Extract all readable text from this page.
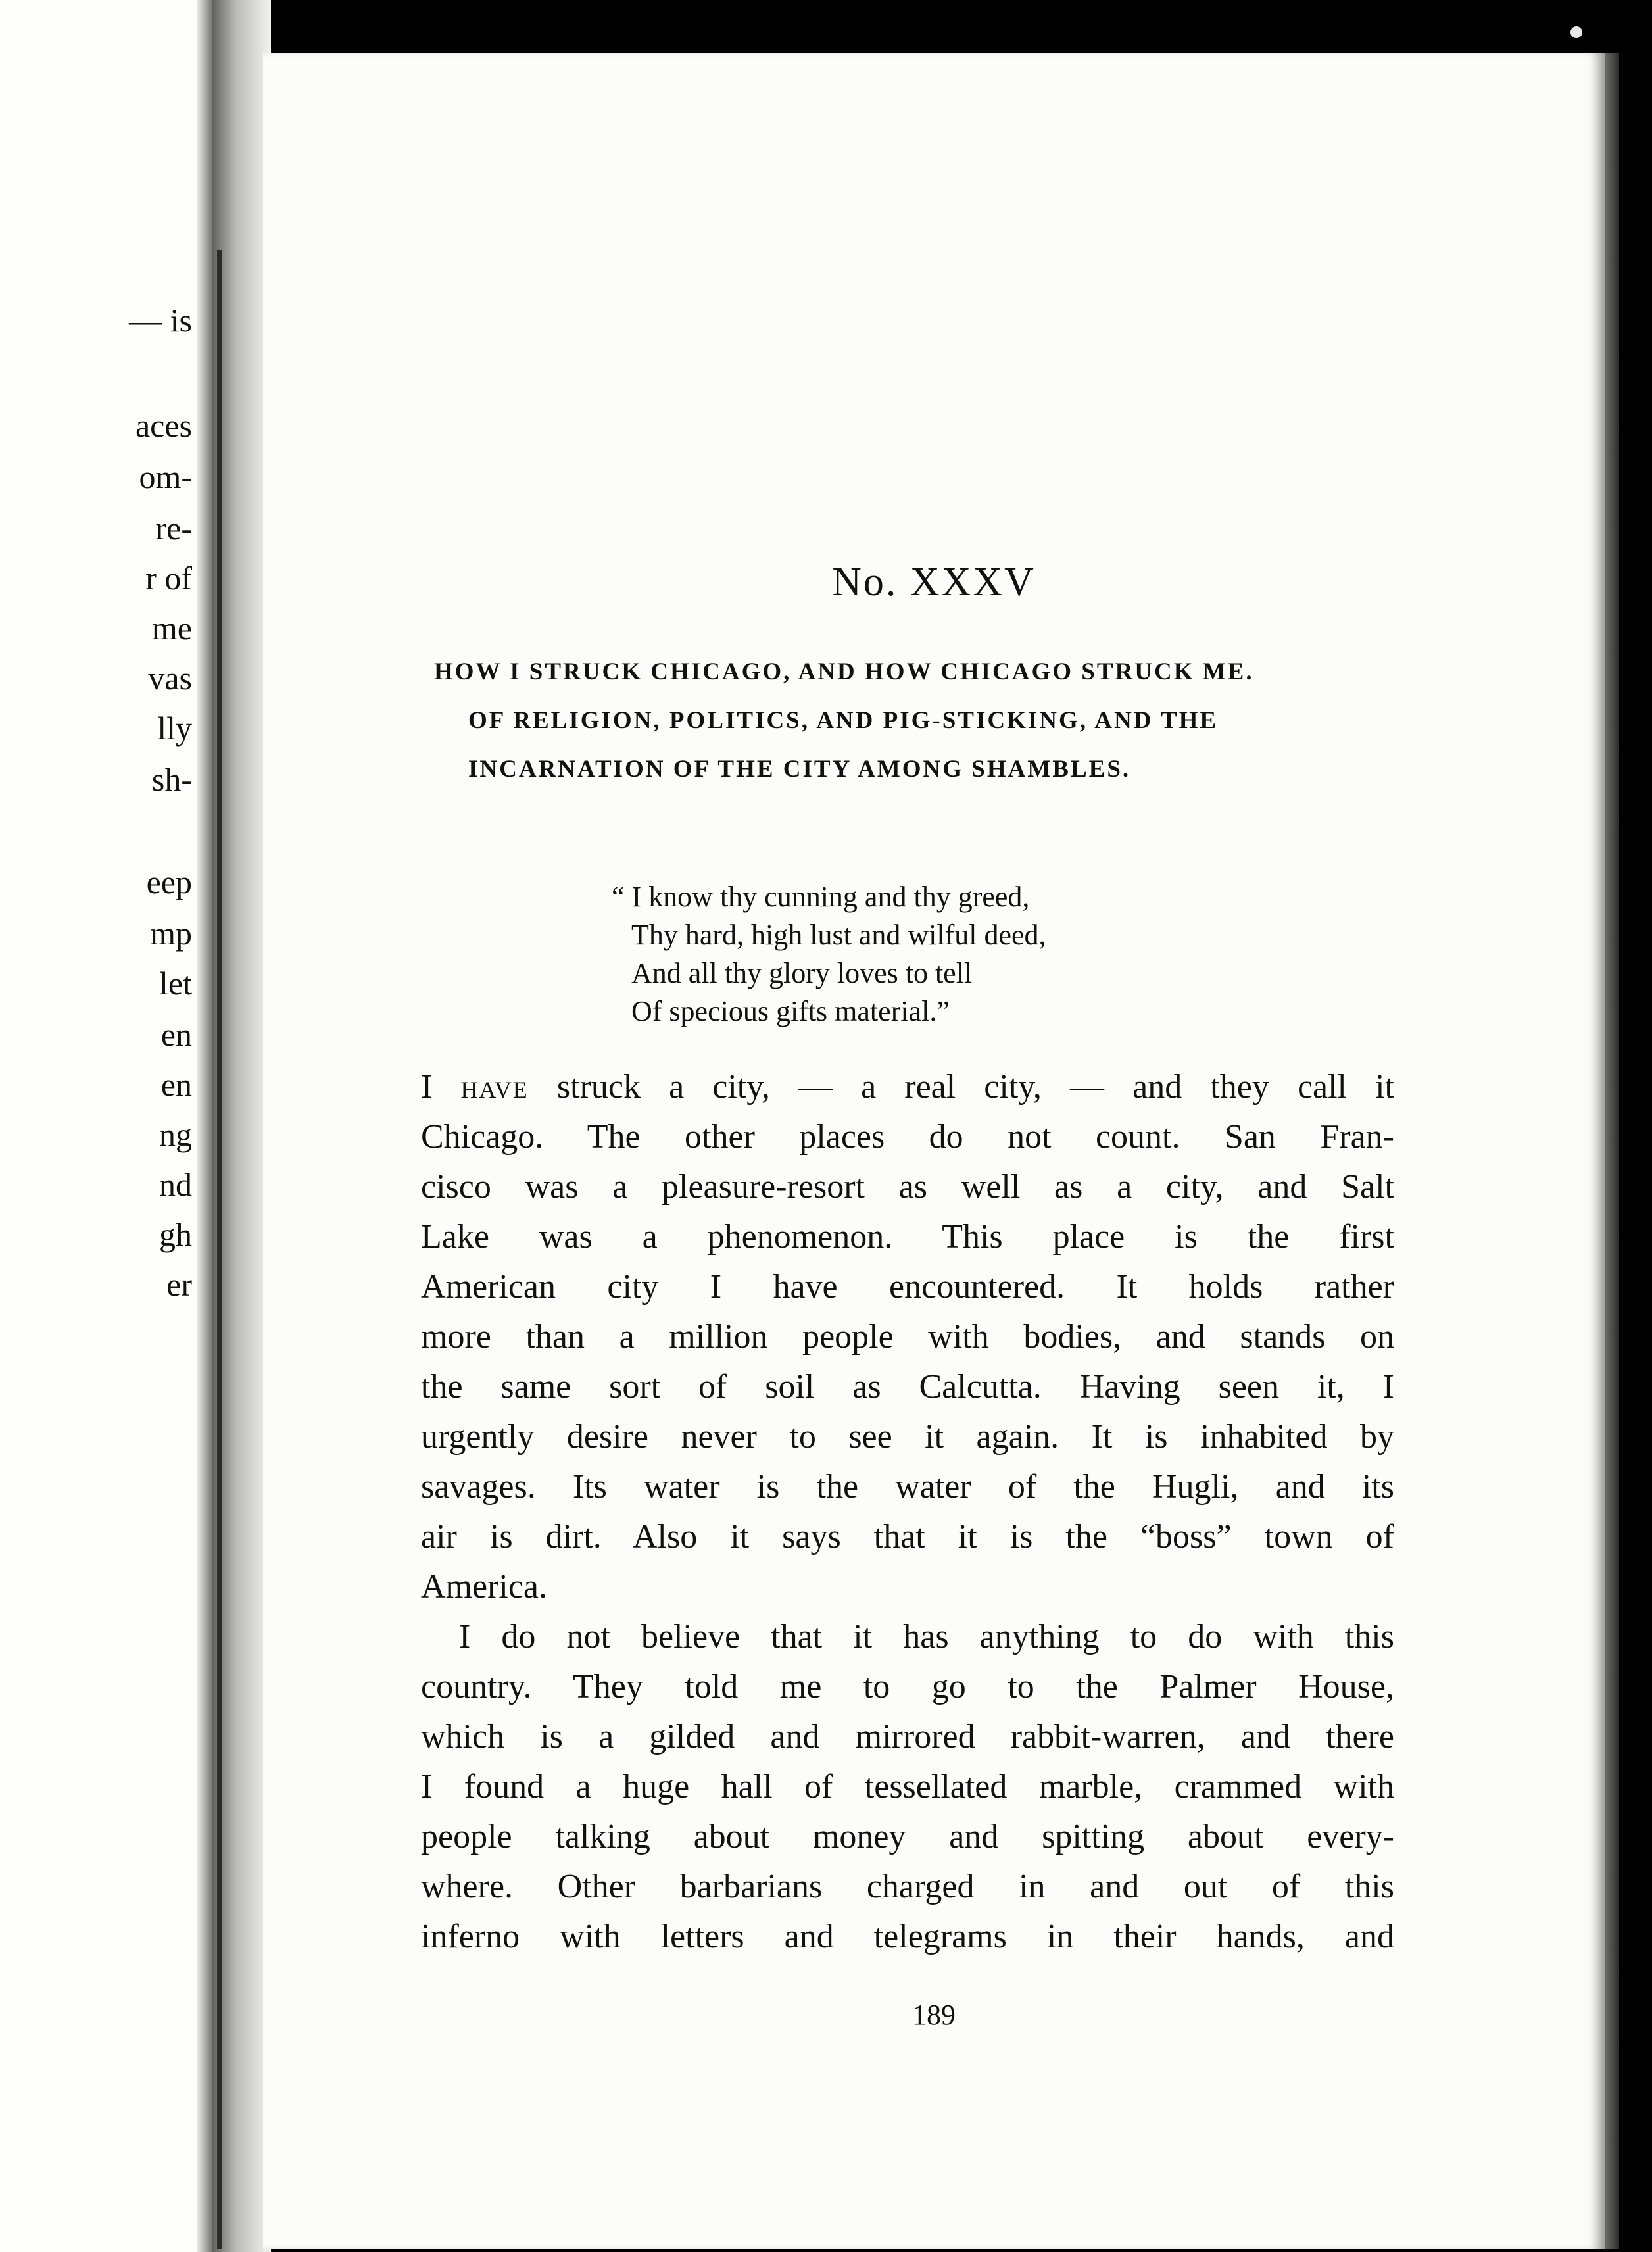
— is
aces
om-
re-
r of
me
vas
lly
sh-
eep
mp
let
en
en
ng
nd
gh
er
No. XXXV
HOW I STRUCK CHICAGO, AND HOW CHICAGO STRUCK ME.
OF RELIGION, POLITICS, AND PIG-STICKING, AND THE
INCARNATION OF THE CITY AMONG SHAMBLES.
“ I know thy cunning and thy greed,
Thy hard, high lust and wilful deed,
And all thy glory loves to tell
Of specious gifts material.”
I have struck a city, — a real city, — and they call it
Chicago. The other places do not count. San Fran-
cisco was a pleasure-resort as well as a city, and Salt
Lake was a phenomenon. This place is the first
American city I have encountered. It holds rather
more than a million people with bodies, and stands on
the same sort of soil as Calcutta. Having seen it, I
urgently desire never to see it again. It is inhabited by
savages. Its water is the water of the Hugli, and its
air is dirt. Also it says that it is the “boss” town of
America.
I do not believe that it has anything to do with this
country. They told me to go to the Palmer House,
which is a gilded and mirrored rabbit-warren, and there
I found a huge hall of tessellated marble, crammed with
people talking about money and spitting about every-
where. Other barbarians charged in and out of this
inferno with letters and telegrams in their hands, and
189
